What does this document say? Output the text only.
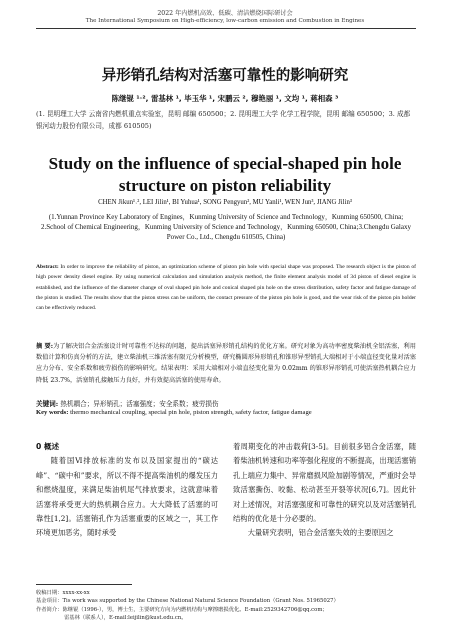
2022 年内燃机高效、低碳、清洁燃烧国际研讨会
The International Symposium on High-efficiency, low-carbon emission and Combustion in Engines
异形销孔结构对活塞可靠性的影响研究
陈继锟 ¹˒², 雷基林 ¹, 毕玉华 ¹, 宋鹏云 ², 穆艳丽 ¹, 文均 ¹, 蒋相森 ³
(1. 昆明理工大学 云南省内燃机重点实验室，昆明 邮编 650500；2. 昆明理工大学 化学工程学院，昆明 邮编 650500；3. 成都银河动力股份有限公司，成都 610505)
Study on the influence of special-shaped pin hole
structure on piston reliability
CHEN Jikun¹˒², LEI Jilin¹, BI Yuhua¹, SONG Pengyun², MU Yanli¹, WEN Jun³, JIANG Jilin³
(1.Yunnan Province Key Laboratory of Engines，Kunming University of Science and Technology，Kunming 650500, China; 2.School of Chemical Engineering，Kunming University of Science and Technology，Kunming 650500, China;3.Chengdu Galaxy Power Co., Ltd., Chengdu 610505, China)
Abstract: In order to improve the reliability of piston, an optimization scheme of piston pin hole with special shape was proposed. The research object is the piston of high power density diesel engine. By using numerical calculation and simulation analysis method, the finite element analysis model of 3d piston of diesel engine is established, and the influence of the diameter change of oval shaped pin hole and conical shaped pin hole on the stress distribution, safety factor and fatigue damage of the piston is studied. The results show that the piston stress can be uniform, the contact pressure of the piston pin hole is good, and the wear risk of the piston pin holder can be effectively reduced.
摘 要:为了解决铝合金活塞设计时可靠性不达标的问题，提出活塞异形销孔结构的优化方案。研究对象为高功率密度柴油机全铝活塞，利用数值计算和仿真分析的方法，建立柴油机三维活塞有限元分析模型，研究椭圆形异形销孔和锥形异型销孔大端相对于小端直径变化量对活塞应力分布、安全系数和疲劳损伤的影响研究。结果表明：采用大端相对小端直径变化量为 0.02mm 的锥形异形销孔可使活塞热机耦合应力降低 23.7%，活塞销孔接触压力良好，并有效提高活塞的使用寿命。
关键词: 热机耦合；异形销孔；活塞强度；安全系数；疲劳损伤
Key words: thermo mechanical coupling, special pin hole, piston strength, safety factor, fatigue damage
0 概述
随着国Ⅵ排放标准的发布以及国家提出的“碳达峰”、“碳中和”要求，所以不得不提高柴油机的爆发压力和燃烧温度，来满足柴油机尾气排放要求，这就意味着活塞将承受更大的热机耦合应力。大大降低了活塞的可靠性[1,2]。活塞销孔作为活塞重要的区域之一，其工作环境更加恶劣，随时承受
着周期变化的冲击载荷[3-5]。目前很多铝合金活塞，随着柴油机转速和功率等强化程度的不断提高，出现活塞销孔上端应力集中、异常磨损风险加剧等情况，严重时会导致活塞撕伤、咬黏、松动甚至开裂等状况[6,7]。因此针对上述情况，对活塞强度和可靠性的研究以及对活塞销孔结构的优化是十分必要的。
大量研究表明，铝合金活塞失效的主要原因之
收稿日期：xxxx-xx-xx
基金项目：Tis work was supported by the Chinese National Natural Science Foundation（Grant Nos. 51965027）
作者简介：陈继锟（1996-），男，博士生，主要研究方向为内燃机结构与摩擦磨损优化。E-mail:2529342706@qq.com；
雷基林（联系人），E-mail:leijilin@kust.edu.cn。
